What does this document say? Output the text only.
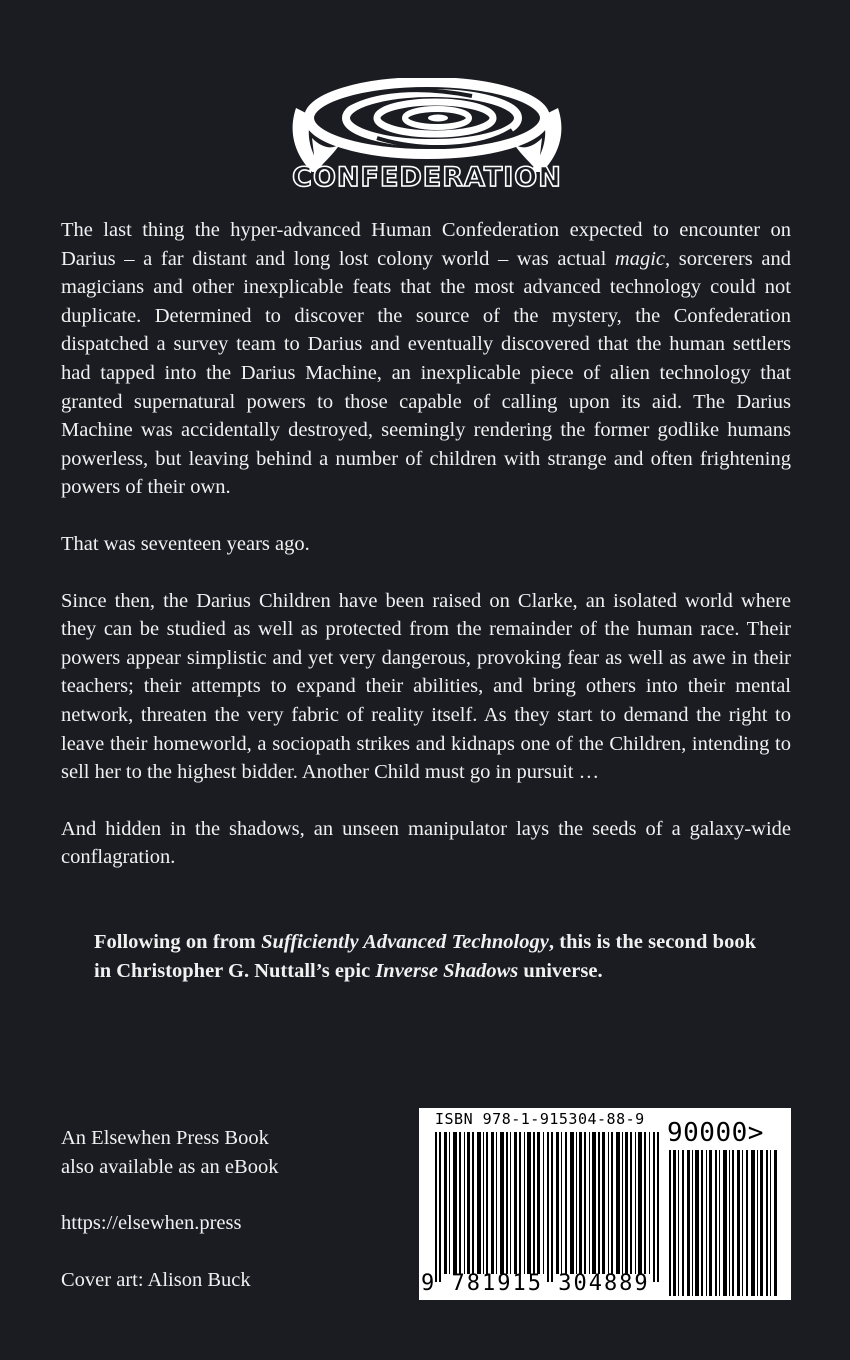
CONFEDERATION

The last thing the hyper-advanced Human Confederation expected to encounter on Darius – a far distant and long lost colony world – was actual magic, sorcerers and magicians and other inexplicable feats that the most advanced technology could not duplicate. Determined to discover the source of the mystery, the Confederation dispatched a survey team to Darius and eventually discovered that the human settlers had tapped into the Darius Machine, an inexplicable piece of alien technology that granted supernatural powers to those capable of calling upon its aid. The Darius Machine was accidentally destroyed, seemingly rendering the former godlike humans powerless, but leaving behind a number of children with strange and often frightening powers of their own.

That was seventeen years ago.

Since then, the Darius Children have been raised on Clarke, an isolated world where they can be studied as well as protected from the remainder of the human race. Their powers appear simplistic and yet very dangerous, provoking fear as well as awe in their teachers; their attempts to expand their abilities, and bring others into their mental network, threaten the very fabric of reality itself. As they start to demand the right to leave their homeworld, a sociopath strikes and kidnaps one of the Children, intending to sell her to the highest bidder. Another Child must go in pursuit …

And hidden in the shadows, an unseen manipulator lays the seeds of a galaxy-wide conflagration.

Following on from Sufficiently Advanced Technology, this is the second book in Christopher G. Nuttall’s epic Inverse Shadows universe.
An Elsewhen Press Book
also available as an eBook
https://elsewhen.press
Cover art: Alison Buck
ISBN 978-1-915304-88-9 90000>
9 781915 304889
